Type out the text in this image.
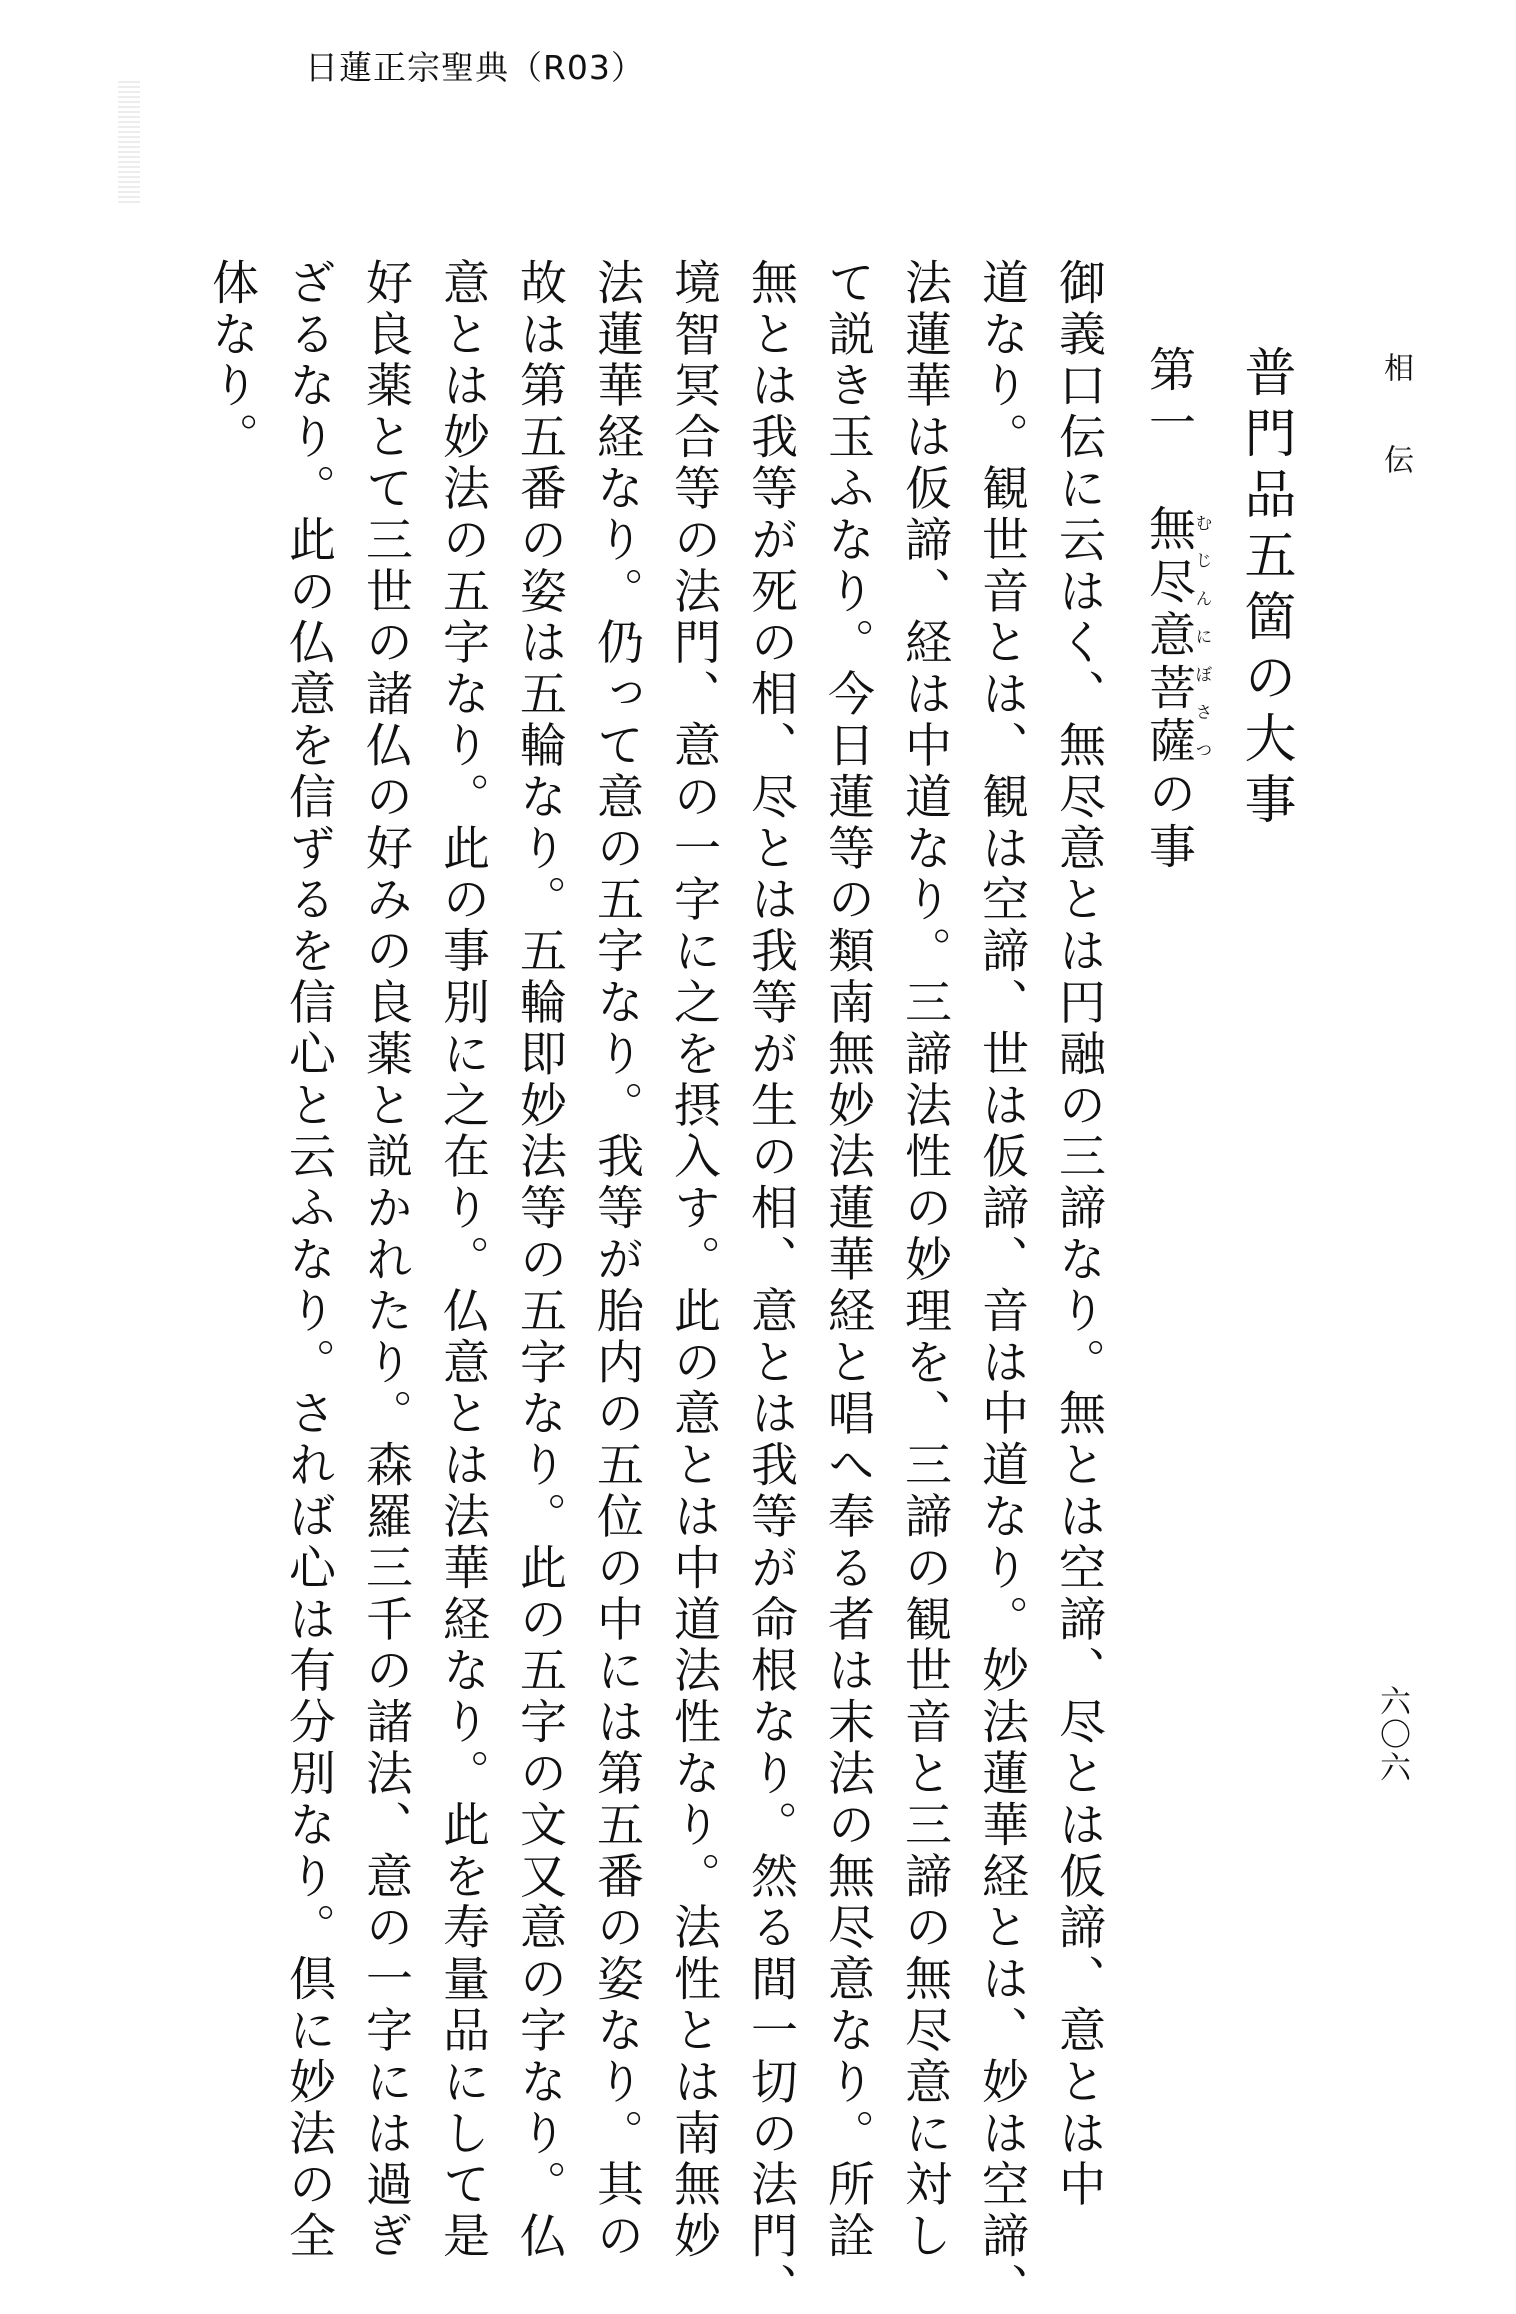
日蓮正宗聖典（R03）
相伝
六〇六
普門品五箇の大事
第一　無尽意菩薩むじんにぼさつの事
御義口伝に云はく、無尽意とは円融の三諦なり。無とは空諦、尽とは仮諦、意とは中
道なり。観世音とは、観は空諦、世は仮諦、音は中道なり。妙法蓮華経とは、妙は空諦、
法蓮華は仮諦、経は中道なり。三諦法性の妙理を、三諦の観世音と三諦の無尽意に対し
て説き玉ふなり。今日蓮等の類南無妙法蓮華経と唱へ奉る者は末法の無尽意なり。所詮
無とは我等が死の相、尽とは我等が生の相、意とは我等が命根なり。然る間一切の法門、
境智冥合等の法門、意の一字に之を摂入す。此の意とは中道法性なり。法性とは南無妙
法蓮華経なり。仍って意の五字なり。我等が胎内の五位の中には第五番の姿なり。其の
故は第五番の姿は五輪なり。五輪即妙法等の五字なり。此の五字の文又意の字なり。仏
意とは妙法の五字なり。此の事別に之在り。仏意とは法華経なり。此を寿量品にして是
好良薬とて三世の諸仏の好みの良薬と説かれたり。森羅三千の諸法、意の一字には過ぎ
ざるなり。此の仏意を信ずるを信心と云ふなり。されば心は有分別なり。倶に妙法の全
体なり。
